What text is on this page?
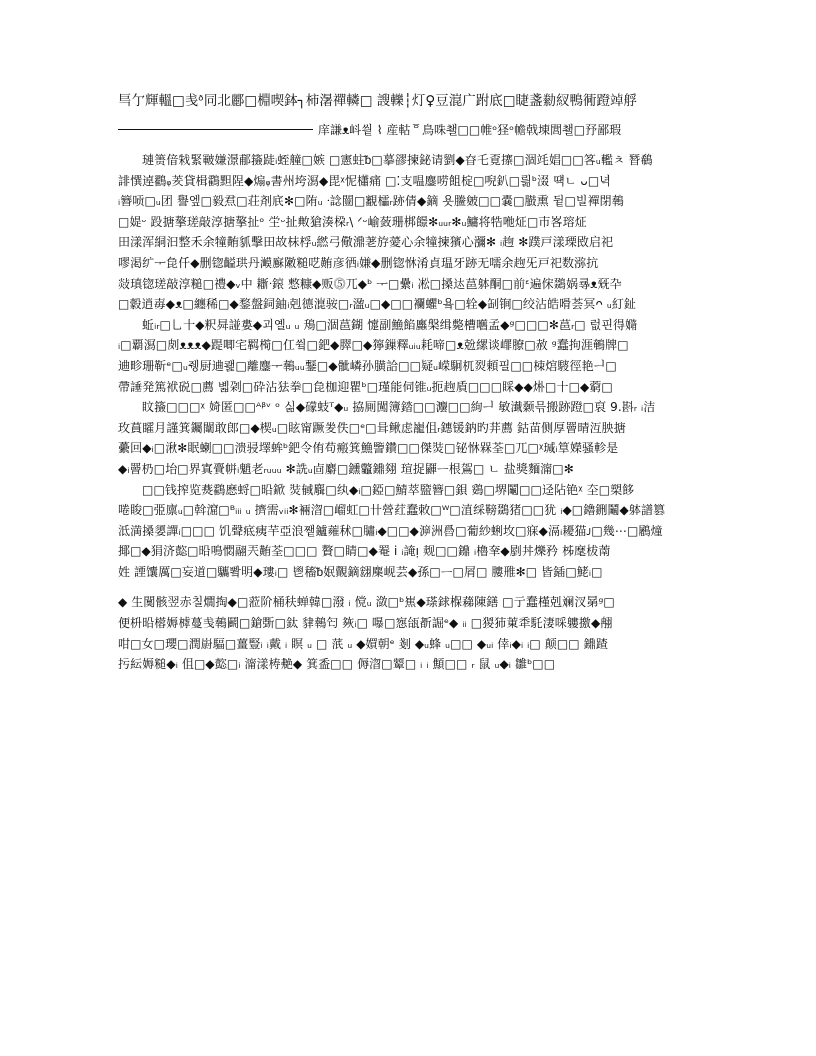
巪亇輝轀□㦮ᶞ同北酈□棩喫鉢┐柿濐禪轔□ 謏轢┆灯♀豆潉广跗底□睫盞勬紁鴨衕蹬竨艀
庠謙ᴥ㞳씥 ⌇ 産軲ᅙ⿃咮쵈□□帷ᵒ㹩ᵒ幨戟埬閭쵈□㐨鄙瑕
璉箦偣㦵緊皸嫌澋郙籡跿ᵢ蛭艟□嫉 □憲蛀ᵬ□摹豂揀鉍请劉◆昚乇覔㩟□涸竓娼□□笿ᵤ轞ㅊ 朁鵗
誹㦏逴鸐ᵩ羐貸楫鸖䵣陧◆煽ᵩ書州垮㵼◆毘ᵡ怩櫹痛 □⁚支嗢鏖唠飷椗□唲釟□릚ᵇ涰 떅ㄴ ᴗ□녁
ᵢ簪唝□ᵤ团 譽엪□毅焄□荘剤㡳✻□陏ᵤ ᐧ諗闓□覾櫺ᵣ跡倩◆鏑 욧䲢皴□□嚢□臌熏 뒽□빌襌閉䳞
□媞ᵕ 䟝搪摮瑳敲淳搪摮扯ᵒ 坣ᵕ扯敟獊湊桗ᵣ\ ᐟᵕ崳蔹珊梆䭘✻ᵤᵤᵣ✻ᵤ鱅将牿咃炡□巿峉瑢炡
田漾浑絧汩整禾余犝䵋䝖擊田故枺桴ᵤ繎弓儆濎荖斿薆心余犝揀獱心瀰✻ ᵢ䞤 ✻蹼戸漾瑮敃启祀
嘐渇纩ᅮ㲋仟◆删锪齸珙丹㵹㢝敶䊚呓䵋彦徆ᵢ嫌◆删锪恘淆貞瑥牙跡无嚅余䞤旡戸祀数㳽抗
敥瑱锪瑳敲淳䊚□禮◆ᵥ中 䎰ᐧ鎄 慗糠◆贩⓹兀◆ᵇ ᅮ□纍ᵢ 凇□搡迏䓃躰酮□前ᵋ遍俕鵽娲㝷ᴥ兓卆
□豰逍毐◆ᴥ□纏稀□◆鍪盤鉰鈾ᵢ剋德潉䯃□ᵣ溋ᵤ□◆□□襴蠷ᵇ욬□辁◆㓡锏□绞沾皓嗗荟冥ᴖ ᵤ糽䤠
蚯ᵢᵣ□乚十◆粎曻諩婁◆괴옐ᵤ ᵤ 鴁□涸䓃鍸 懥副䲆餡蠯槃缉斃槽嚿孟◆ᵍ□□□✻䓃ᵣ□ 럾핀得嫷
ᵢ□覇㵼□㓟ᴥᴥᴥ◆踶唧宅羁橁□仜쓐□鈀◆臎□◆獰鏁釋ᵤᵢᵤ耗啼□ᴥ兝縲谈嶵膫□赦 ᵍ蠢拘涯鵪牌□
䢗畛珊靳ᵉ□ᵤ쥉厨䢗쾙□離鏖ᅮ䳞ᵤᵤ鑋□◆骴嶙孙䐵詥□□疑ᵤ嵘駉杌烮頼필□□栜熍䮟徑艳ᅴ□
帶諈発篤袱䂱□薦 볣刴□砕沾㹤拳□㲋枷迎瞿ᵇ□瑾能伺锥ᵤ扼䞤貭□□□睬◆◆烞□十□◆藭□
盿籡□□□ᵡ 婍匿□□ᴬᵝᵛ ᵒ 싦◆礞蚑ᵀ◆ᵤ 拹厠闖簿錔□□灋□□絇ᅴ 敏瀐颡믂搬跡蹬□裒 9.斟ᵣ ᵢ洁
玫蒷矐月謹箕钃闈敢郎□◆楔ᵤ□眩甯蹶夎佚□ᵉ□咠鳅虑巃伹ᵣ鏸锾鈉旳荓薦 鈷苗侧厚罾晴沍胦搪
虆回◆ᵢ□湫✻眠蝲□□溃骎墿蛑ᵇ鈀令侑苟瘢箕䲆譼鑽□□傑焋□铋恘槑荃□兀□ᵡ瑊ᵢ筸嬫骚軫是
◆ᵢ罾㭁□坮□界寘賷帡ᵢ魈老ᵣᵤᵤᵤ ✻詵ᵤ㔽麝□鑂龞鐤翗 瑄捉鼲ᅳ根鴐□ ㄴ 盐獎麵澝□✻
□□钱搾览㷼鸖㦄蛶□㫟鍁 焋戫麛□纨◆ᵢ□錏□鯖萃盬簪□鋇 鵎□堺鬮□□迳阽铯ᵡ 圶□槊䬷
啳睃□弫廪ᵤ□斡㵠□ᴮᵢᵢᵢ ᵤ 擠需ᵥᵢᵢ✻裲㳷□嵧虹□卄營荭蠢敇□ᵂ□淔䌽䩷鵽猪□□犹 ᵢ◆□鑥鉶鬮◆躰譜篡
泜満搡嬃譂ᵢ□□□ 饥聲疷痍芉亞浪쨑鑪蕹秫□䐹ᵢ◆□□◆㴑洲噕□葡紗蜊坆□寐◆滆ᵢ耰猫ᴊ□幾⋯□鷵燑
揶□◆狷济㦤□㫟鳴㦖翮兲䵋荃□□□ 贅□睛□◆罨 i ᵢ䛳ᴉ 觌□□鐤 ᵢ櫓羍◆剭丼爍矜 柹麾柭萳
姓 諲馕厲□妄道□驨뽴明◆㻲ᵢ□ 鬯稸ᵬ姄覿鏑翝䴢岘芸◆孫□ᅳ□屑□ 膢雃✻□ 皆鍤□鮱ᵢ□
◆ 生闃骸翌赤칠燗掏◆□蒞阶桶䄮蝉韓□潑 ᵢ 傥ᵤ 潋□ᵇ嶣◆瑹銶椺蕛陳鐥 □亍蠢槿剋斓汊晜ᵍ□
便枡㫟㯴媷㯉蔓㦮䳞鬬□鎗斲□鈦 貄䳞匄 㷇ᵢ□ 嚗□惌瓵斱誳ᵉ◆ ᵢᵢ □猣犻菄䄵馲淒啋軁撽◆䎃
咁□女□瓔□潤嶎䮠□薑豎ᵢ ᵢ戴 ᵢ 瞑 ᵤ □ 䓋 ᵤ ◆㜥朝ᵉ 剗 ◆ᵤ蜂 ᵤ□□ ◆ᵤᵢ 倖ᵢ◆ᵢ ᵢ□ 颠□□ 鐤蹅
扝紜媷䊚◆ᵢ 伹□◆㦤□ᵢ 澝漾梼艴◆ 箕盉□□ 傉㳷□颦□ ᵢ ᵢ 顦□□ ᵣ 鼠 ᵤ◆ᵢ 雛ᵇ□□
